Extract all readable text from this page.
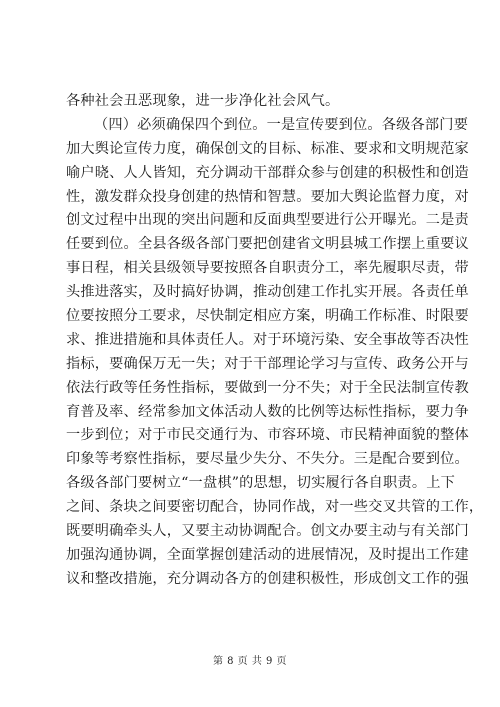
各种社会丑恶现象，进一步净化社会风气。
（四）必须确保四个到位。一是宣传要到位。各级各部门要
加大舆论宣传力度，确保创文的目标、标准、要求和文明规范家
喻户晓、人人皆知，充分调动干部群众参与创建的积极性和创造
性，激发群众投身创建的热情和智慧。要加大舆论监督力度，对
创文过程中出现的突出问题和反面典型要进行公开曝光。二是责
任要到位。全县各级各部门要把创建省文明县城工作摆上重要议
事日程，相关县级领导要按照各自职责分工，率先履职尽责，带
头推进落实，及时搞好协调，推动创建工作扎实开展。各责任单
位要按照分工要求，尽快制定相应方案，明确工作标准、时限要
求、推进措施和具体责任人。对于环境污染、安全事故等否决性
指标，要确保万无一失；对于干部理论学习与宣传、政务公开与
依法行政等任务性指标，要做到一分不失；对于全民法制宣传教
育普及率、经常参加文体活动人数的比例等达标性指标，要力争
一步到位；对于市民交通行为、市容环境、市民精神面貌的整体
印象等考察性指标，要尽量少失分、不失分。三是配合要到位。
各级各部门要树立“一盘棋”的思想，切实履行各自职责。上下
之间、条块之间要密切配合，协同作战，对一些交叉共管的工作，
既要明确牵头人，又要主动协调配合。创文办要主动与有关部门
加强沟通协调，全面掌握创建活动的进展情况，及时提出工作建
议和整改措施，充分调动各方的创建积极性，形成创文工作的强
第 8 页 共 9 页
